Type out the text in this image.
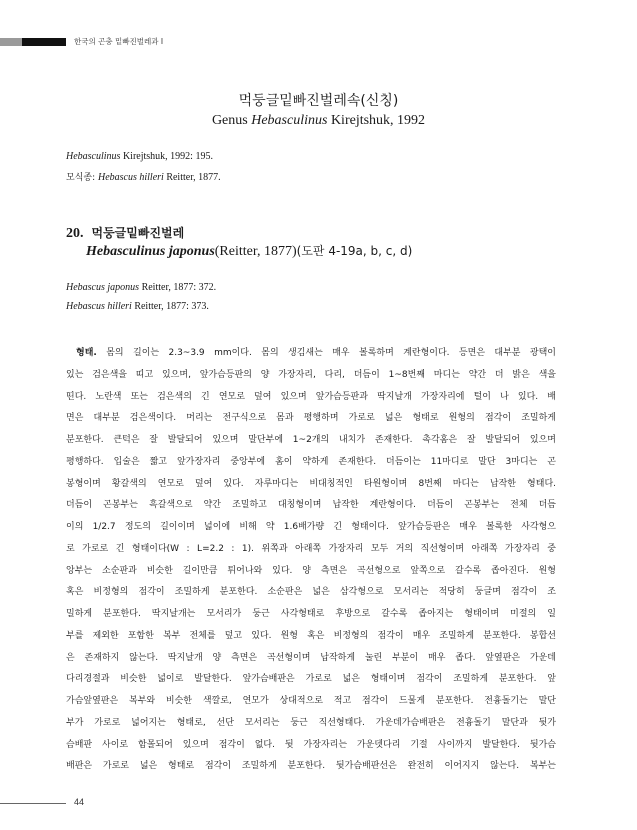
한국의 곤충 밑빠진벌레과 I
먹둥글밑빠진벌레속(신칭)
Genus Hebasculinus Kirejtshuk, 1992
Hebasculinus Kirejtshuk, 1992: 195.
모식종: Hebascus hilleri Reitter, 1877.
20. 먹둥글밑빠진벌레
Hebasculinus japonus(Reitter, 1877)(도판 4-19a, b, c, d)
Hebascus japonus Reitter, 1877: 372.
Hebascus hilleri Reitter, 1877: 373.
형태. 몸의 길이는 2.3~3.9 mm이다. 몸의 생김새는 매우 볼록하며 계란형이다. 등면은 대부분 광택이
있는 검은색을 띠고 있으며, 앞가슴등판의 양 가장자리, 다리, 더듬이 1~8번째 마디는 약간 더 밝은 색을
띤다. 노란색 또는 검은색의 긴 연모로 덮여 있으며 앞가슴등판과 딱지날개 가장자리에 털이 나 있다. 배
면은 대부분 검은색이다. 머리는 전구식으로 몸과 평행하며 가로로 넓은 형태로 원형의 점각이 조밀하게
분포한다. 큰턱은 잘 발달되어 있으며 말단부에 1~2개의 내치가 존재한다. 촉각홈은 잘 발달되어 있으며
평행하다. 입술은 짧고 앞가장자리 중앙부에 홈이 약하게 존재한다. 더듬이는 11마디로 말단 3마디는 곤
봉형이며 황갈색의 연모로 덮여 있다. 자루마디는 비대칭적인 타원형이며 8번째 마디는 납작한 형태다.
더듬이 곤봉부는 흑갈색으로 약간 조밀하고 대칭형이며 납작한 계란형이다. 더듬이 곤봉부는 전체 더듬
이의 1/2.7 정도의 길이이며 넓이에 비해 약 1.6배가량 긴 형태이다. 앞가슴등판은 매우 볼록한 사각형으
로 가로로 긴 형태이다(W : L=2.2 : 1). 위쪽과 아래쪽 가장자리 모두 거의 직선형이며 아래쪽 가장자리 중
앙부는 소순판과 비슷한 길이만큼 튀어나와 있다. 양 측면은 곡선형으로 앞쪽으로 갈수록 좁아진다. 원형
혹은 비정형의 점각이 조밀하게 분포한다. 소순판은 넓은 삼각형으로 모서리는 적당히 둥글며 점각이 조
밀하게 분포한다. 딱지날개는 모서리가 둥근 사각형태로 후방으로 갈수록 좁아지는 형태이며 미절의 일
부를 제외한 포함한 복부 전체를 덮고 있다. 원형 혹은 비정형의 점각이 매우 조밀하게 분포한다. 봉합선
은 존재하지 않는다. 딱지날개 양 측면은 곡선형이며 납작하게 눌린 부분이 매우 좁다. 앞옆판은 가운데
다리경절과 비슷한 넓이로 발달한다. 앞가슴배판은 가로로 넓은 형태이며 점각이 조밀하게 분포한다. 앞
가슴앞옆판은 복부와 비슷한 색깔로, 연모가 상대적으로 적고 점각이 드물게 분포한다. 전흉돌기는 말단
부가 가로로 넓어지는 형태로, 선단 모서리는 둥근 직선형태다. 가운데가슴배판은 전흉돌기 말단과 뒷가
슴배판 사이로 함몰되어 있으며 점각이 없다. 뒷 가장자리는 가운뎃다리 기절 사이까지 발달한다. 뒷가슴
배판은 가로로 넓은 형태로 점각이 조밀하게 분포한다. 뒷가슴배판선은 완전히 이어지지 않는다. 복부는
44
